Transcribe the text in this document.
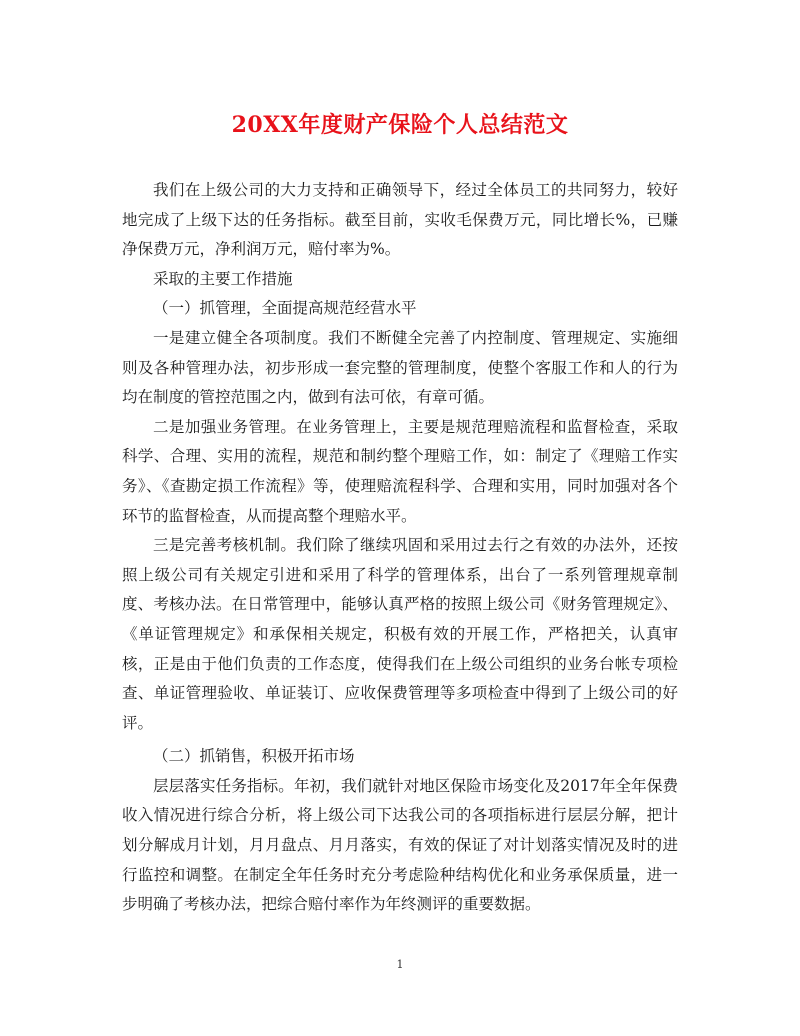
20XX年度财产保险个人总结范文

我们在上级公司的大力支持和正确领导下，经过全体员工的共同努力，较好地完成了上级下达的任务指标。截至目前，实收毛保费万元，同比增长%，已赚净保费万元，净利润万元，赔付率为%。

采取的主要工作措施

（一）抓管理，全面提高规范经营水平

一是建立健全各项制度。我们不断健全完善了内控制度、管理规定、实施细则及各种管理办法，初步形成一套完整的管理制度，使整个客服工作和人的行为均在制度的管控范围之内，做到有法可依，有章可循。

二是加强业务管理。在业务管理上，主要是规范理赔流程和监督检查，采取科学、合理、实用的流程，规范和制约整个理赔工作，如：制定了《理赔工作实务》、《查勘定损工作流程》等，使理赔流程科学、合理和实用，同时加强对各个环节的监督检查，从而提高整个理赔水平。

三是完善考核机制。我们除了继续巩固和采用过去行之有效的办法外，还按照上级公司有关规定引进和采用了科学的管理体系，出台了一系列管理规章制度、考核办法。在日常管理中，能够认真严格的按照上级公司《财务管理规定》、《单证管理规定》和承保相关规定，积极有效的开展工作，严格把关，认真审核，正是由于他们负责的工作态度，使得我们在上级公司组织的业务台帐专项检查、单证管理验收、单证装订、应收保费管理等多项检查中得到了上级公司的好评。

（二）抓销售，积极开拓市场

层层落实任务指标。年初，我们就针对地区保险市场变化及2017年全年保费收入情况进行综合分析，将上级公司下达我公司的各项指标进行层层分解，把计划分解成月计划，月月盘点、月月落实，有效的保证了对计划落实情况及时的进行监控和调整。在制定全年任务时充分考虑险种结构优化和业务承保质量，进一步明确了考核办法，把综合赔付率作为年终测评的重要数据。

1
